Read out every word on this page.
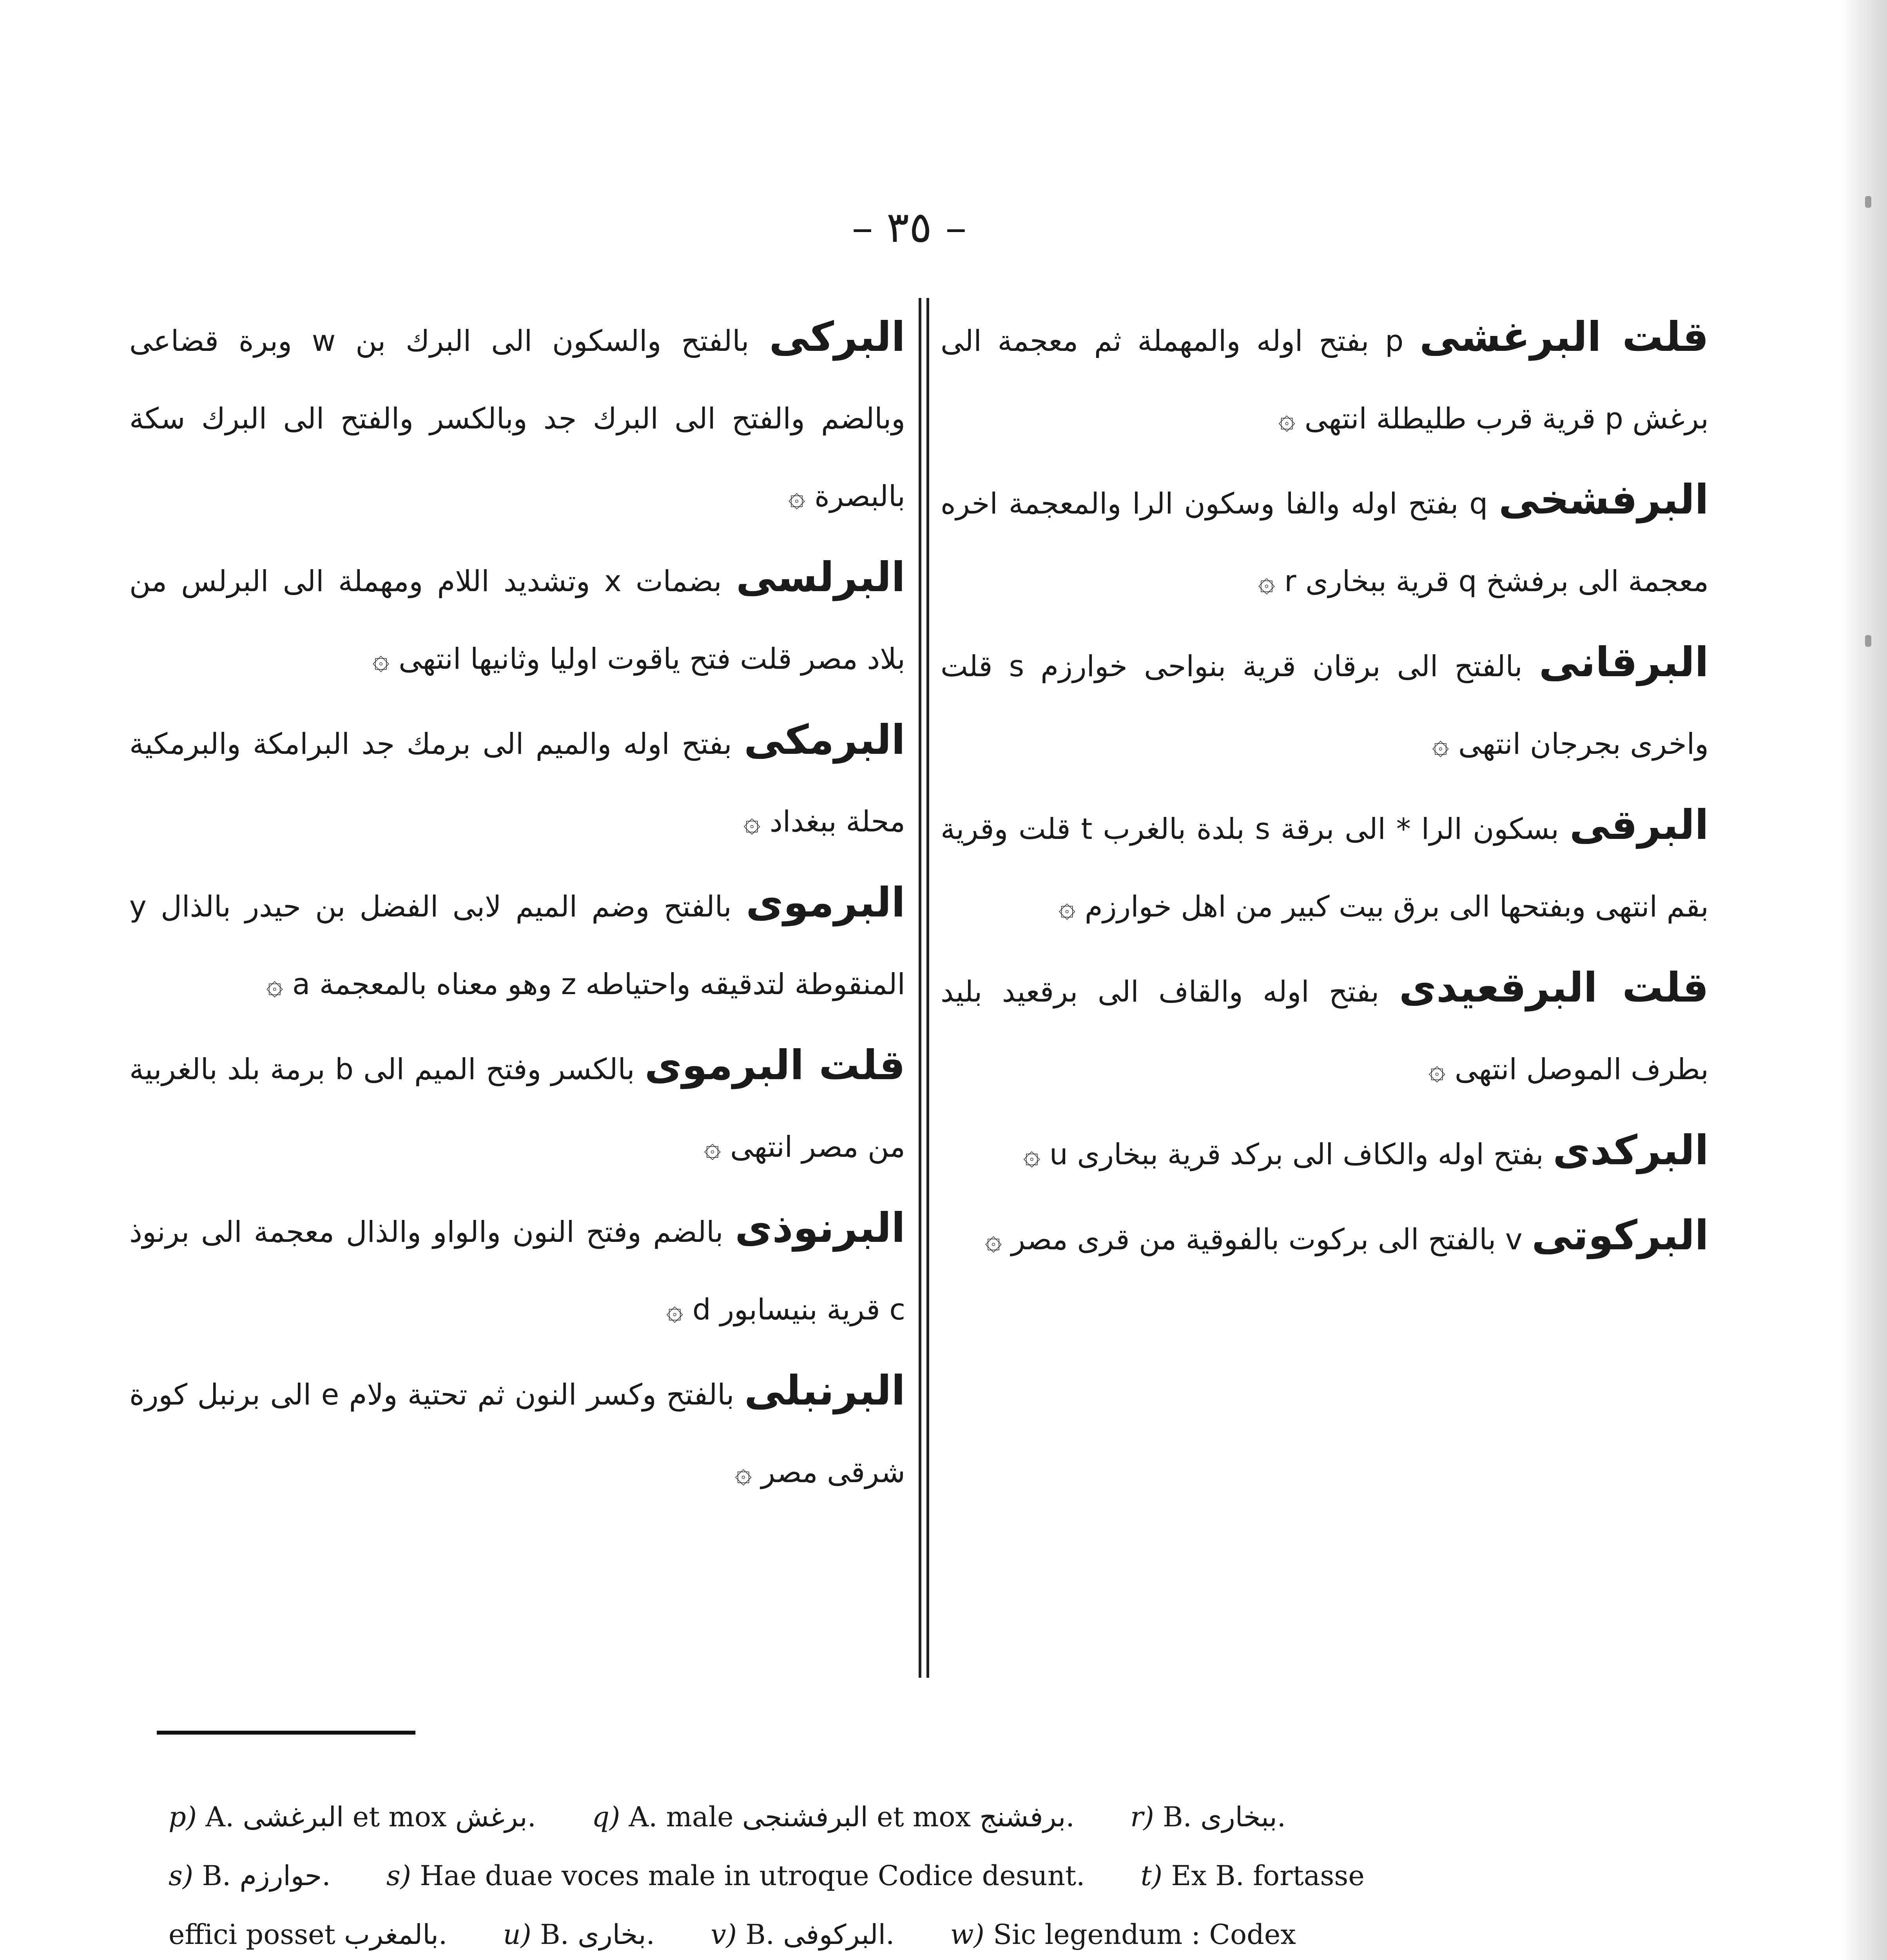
– ٣٥ –

قلت البرغشى p بفتح اوله والمهملة ثم معجمة الى برغش p قرية قرب طليطلة انتهى ۞

البرفشخى q بفتح اوله والفا وسكون الرا والمعجمة اخره معجمة الى برفشخ q قرية ببخارى r ۞

البرقانى بالفتح الى برقان قرية بنواحى خوارزم s قلت واخرى بجرجان انتهى ۞

البرقى بسكون الرا * الى برقة s بلدة بالغرب t قلت وقرية بقم انتهى وبفتحها الى برق بيت كبير من اهل خوارزم ۞

قلت البرقعيدى بفتح اوله والقاف الى برقعيد بليد بطرف الموصل انتهى ۞

البركدى بفتح اوله والكاف الى بركد قرية ببخارى u ۞

البركوتى v بالفتح الى بركوت بالفوقية من قرى مصر ۞

البركى بالفتح والسكون الى البرك بن w وبرة قضاعى وبالضم والفتح الى البرك جد وبالكسر والفتح الى البرك سكة بالبصرة ۞

البرلسى بضمات x وتشديد اللام ومهملة الى البرلس من بلاد مصر قلت فتح ياقوت اوليا وثانيها انتهى ۞

البرمكى بفتح اوله والميم الى برمك جد البرامكة والبرمكية محلة ببغداد ۞

البرموى بالفتح وضم الميم لابى الفضل بن حيدر بالذال y المنقوطة لتدقيقه واحتياطه z وهو معناه بالمعجمة a ۞

قلت البرموى بالكسر وفتح الميم الى b برمة بلد بالغربية من مصر انتهى ۞

البرنوذى بالضم وفتح النون والواو والذال معجمة الى برنوذ c قرية بنيسابور d ۞

البرنبلى بالفتح وكسر النون ثم تحتية ولام e الى برنبل كورة شرقى مصر ۞

p) A. البرغشى et mox برغش. q) A. male البرفشنجى et mox برفشنج. r) B. ببخارى.
s) B. حوارزم. s) Hae duae voces male in utroque Codice desunt. t) Ex B. fortasse
effici posset بالمغرب. u) B. بخارى. v) B. البركوفى. w) Sic legendum : Codex
